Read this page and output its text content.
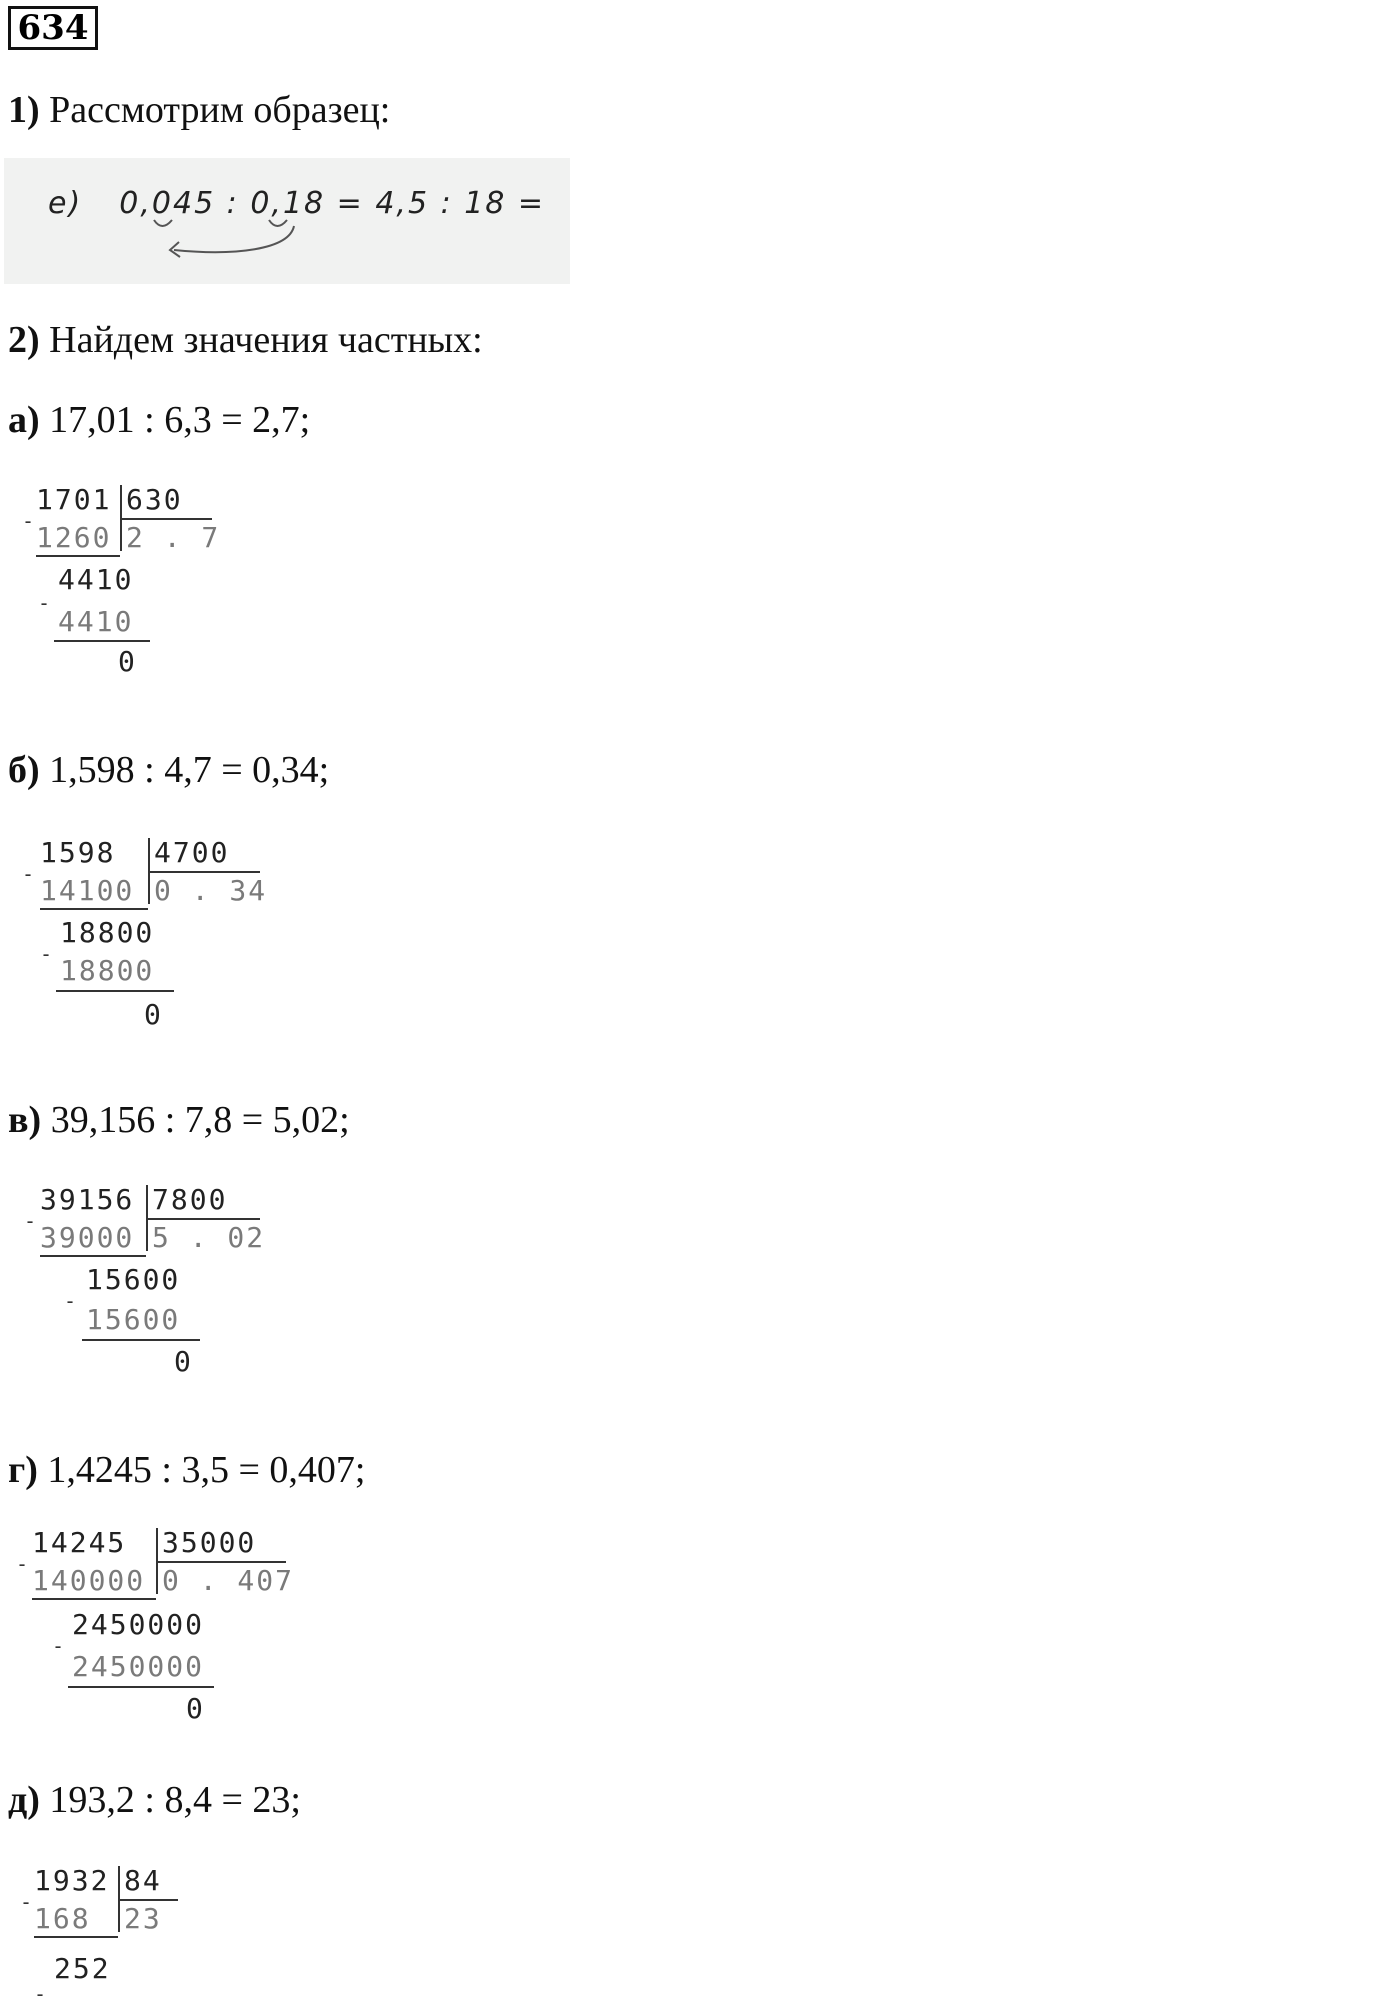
634
1) Рассмотрим образец:
е) 0,045 : 0,18 = 4,5 : 18 =
2) Найдем значения частных:
а) 17,01 : 6,3 = 2,7;
1701 630
- 1260 2 . 7
4410
-
4410
0
б) 1,598 : 4,7 = 0,34;
1598 4700
- 14100 0 . 34
18800
- 18800
0
в) 39,156 : 7,8 = 5,02;
39156 7800
- 39000 5 . 02
15600
-
15600
0
г) 1,4245 : 3,5 = 0,407;
14245 35000
- 140000 0 . 407
2450000
-
2450000
0
д) 193,2 : 8,4 = 23;
1932 84
- 168 23
252
-
